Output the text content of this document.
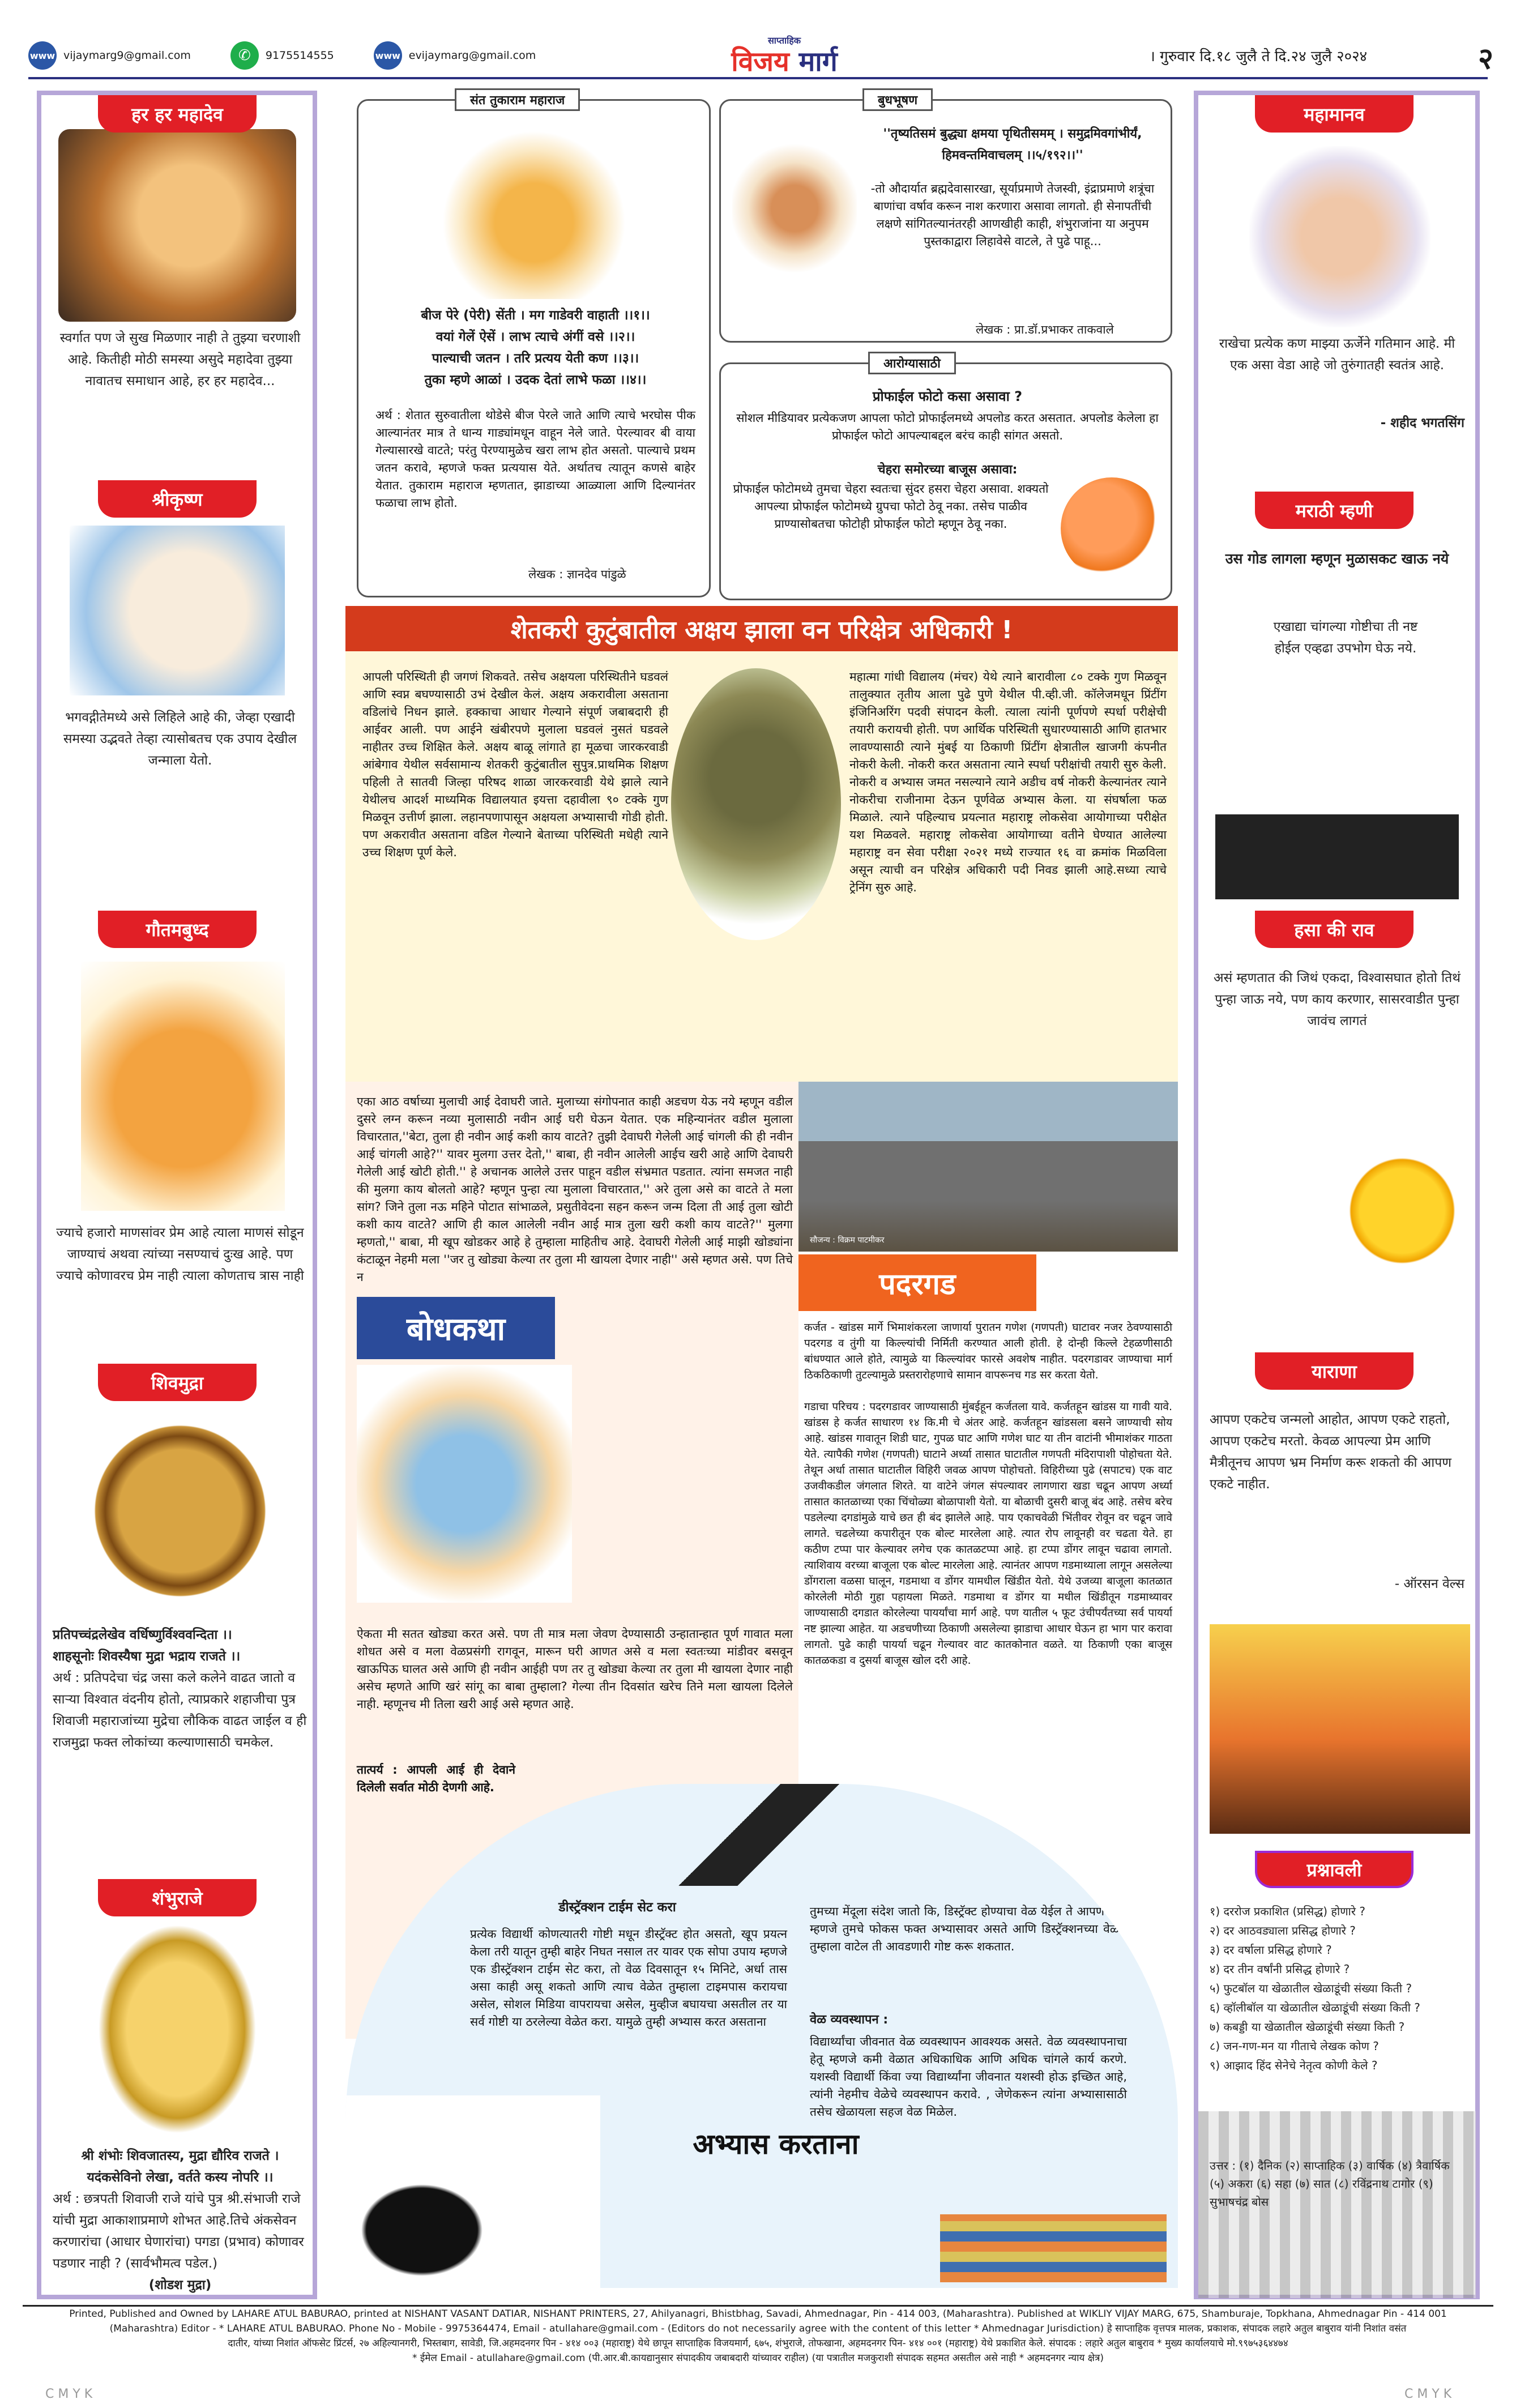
www vijaymarg9@gmail.com	✆	9175514555	www evijaymarg@gmail.com
साप्ताहिक
विजय मार्ग	। गुरुवार दि.१८ जुलै ते दि.२४ जुलै २०२४	२
हर हर महादेव
स्वर्गात पण जे सुख मिळणार नाही ते तुझ्या चरणाशी आहे. कितीही मोठी समस्या असुदे महादेवा तुझ्या नावातच समाधान आहे, हर हर महादेव...
श्रीकृष्ण
भगवद्गीतेमध्ये असे लिहिले आहे की, जेव्हा एखादी समस्या उद्भवते तेव्हा त्यासोबतच एक उपाय देखील जन्माला येतो.
गौतमबुध्द
ज्याचे हजारो माणसांवर प्रेम आहे त्याला माणसं सोडून जाण्याचं अथवा त्यांच्या नसण्याचं दुःख आहे. पण ज्याचे कोणावरच प्रेम नाही त्याला कोणताच त्रास नाही
शिवमुद्रा
प्रतिपच्चंद्रलेखेव वर्धिष्णुर्विश्ववन्दिता ।।
शाहसूनोः शिवस्यैषा मुद्रा भद्राय राजते ।।
अर्थ : प्रतिपदेचा चंद्र जसा कले कलेने वाढत जातो व साऱ्या विश्वात वंदनीय होतो, त्याप्रकारे शहाजीचा पुत्र शिवाजी महाराजांच्या मुद्रेचा लौकिक वाढत जाईल व ही राजमुद्रा फक्त लोकांच्या कल्याणासाठी चमकेल.
शंभुराजे
श्री शंभोः शिवजातस्य, मुद्रा द्यौरिव राजते । यदंकसेविनो लेखा, वर्तते कस्य नोपरि ।।
अर्थ : छत्रपती शिवाजी राजे यांचे पुत्र श्री.संभाजी राजे यांची मुद्रा आकाशाप्रमाणे शोभत आहे.तिचे अंकसेवन करणारांचा (आधार घेणारांचा) पगडा (प्रभाव) कोणावर पडणार नाही ? (सार्वभौमत्व पडेल.)
(शोडश मुद्रा)
महामानव
राखेचा प्रत्येक कण माझ्या ऊर्जेने गतिमान आहे. मी एक असा वेडा आहे जो तुरुंगातही स्वतंत्र आहे.
- शहीद भगतसिंग
मराठी म्हणी
उस गोड लागला म्हणून मुळासकट खाऊ नये
एखाद्या चांगल्या गोष्टीचा ती नष्ट होईल एव्हढा उपभोग घेऊ नये.
हसा की राव
असं म्हणतात की जिथं एकदा, विश्वासघात होतो तिथं पुन्हा जाऊ नये, पण काय करणार, सासरवाडीत पुन्हा जावंच लागतं
याराणा
आपण एकटेच जन्मलो आहोत, आपण एकटे राहतो, आपण एकटेच मरतो. केवळ आपल्या प्रेम आणि मैत्रीतूनच आपण भ्रम निर्माण करू शकतो की आपण एकटे नाहीत.
- ऑरसन वेल्स
प्रश्नावली
१) दररोज प्रकाशित (प्रसिद्ध) होणारे ?
२) दर आठवड्याला प्रसिद्ध होणारे ?
३) दर वर्षाला प्रसिद्ध होणारे ?
४) दर तीन वर्षांनी प्रसिद्ध होणारे ?
५) फुटबॉल या खेळातील खेळाडूंची संख्या किती ?
६) व्हॉलीबॉल या खेळातील खेळाडूंची संख्या किती ?
७) कबड्डी या खेळातील खेळाडूंची संख्या किती ?
८) जन-गण-मन या गीताचे लेखक कोण ?
९) आझाद हिंद सेनेचे नेतृत्व कोणी केले ?
उत्तर : (१) दैनिक (२) साप्ताहिक (३) वार्षिक (४) त्रैवार्षिक (५) अकरा (६) सहा (७) सात (८) रविंद्रनाथ टागोर (९) सुभाषचंद्र बोस
संत तुकाराम महाराज
बीज पेरे (पेरी) सेंती । मग गाडेवरी वाहाती ।।१।।
वयां गेलें ऐसें । लाभ त्याचे अंगीं वसे ।।२।।
पाल्याची जतन । तरि प्रत्यय येती कण ।।३।।
तुका म्हणे आळां । उदक देतां लाभे फळा ।।४।।
अर्थ : शेतात सुरुवातीला थोडेसे बीज पेरले जाते आणि त्याचे भरघोस पीक आल्यानंतर मात्र ते धान्य गाड्यांमधून वाहून नेले जाते. पेरल्यावर बी वाया गेल्यासारखे वाटते; परंतु पेरण्यामुळेच खरा लाभ होत असतो. पाल्याचे प्रथम जतन करावे, म्हणजे फक्त प्रत्ययास येते. अर्थातच त्यातून कणसे बाहेर येतात. तुकाराम महाराज म्हणतात, झाडाच्या आळ्याला आणि दिल्यानंतर फळाचा लाभ होतो.
लेखक : ज्ञानदेव पांडुळे
बुधभूषण
''तृष्यतिसमं बुद्ध्या क्षमया पृथितीसमम् । समुद्रमिवगांभीर्यं, हिमवन्तमिवाचलम् ।।५/१९२।।''
-तो औदार्यात ब्रह्मदेवासारखा, सूर्याप्रमाणे तेजस्वी, इंद्राप्रमाणे शत्रूंचा बाणांचा वर्षाव करून नाश करणारा असावा लागतो. ही सेनापतींची लक्षणे सांगितल्यानंतरही आणखीही काही, शंभुराजांना या अनुपम पुस्तकाद्वारा लिहावेसे वाटले, ते पुढे पाहू...
लेखक : प्रा.डॉ.प्रभाकर ताकवाले
आरोग्यासाठी
प्रोफाईल फोटो कसा असावा ?
सोशल मीडियावर प्रत्येकजण आपला फोटो प्रोफाईलमध्ये अपलोड करत असतात. अपलोड केलेला हा प्रोफाईल फोटो आपल्याबद्दल बरंच काही सांगत असतो.
चेहरा समोरच्या बाजूस असावा:
प्रोफाईल फोटोमध्ये तुमचा चेहरा स्वतःचा सुंदर हसरा चेहरा असावा. शक्यतो आपल्या प्रोफाईल फोटोमध्ये ग्रुपचा फोटो ठेवू नका. तसेच पाळीव प्राण्यासोबतचा फोटोही प्रोफाईल फोटो म्हणून ठेवू नका.
शेतकरी कुटुंबातील अक्षय झाला वन परिक्षेत्र अधिकारी !
आपली परिस्थिती ही जगणं शिकवते. तसेच अक्षयला परिस्थितीने घडवलं आणि स्वप्न बघण्यासाठी उभं देखील केलं. अक्षय अकरावीला असताना वडिलांचे निधन झाले. हक्काचा आधार गेल्याने संपूर्ण जबाबदारी ही आईवर आली. पण आईने खंबीरपणे मुलाला घडवलं नुसतं घडवले नाहीतर उच्च शिक्षित केले. अक्षय बाळू लांगाते हा मूळचा जारकरवाडी आंबेगाव येथील सर्वसामान्य शेतकरी कुटुंबातील सुपुत्र.प्राथमिक शिक्षण पहिली ते सातवी जिल्हा परिषद शाळा जारकरवाडी येथे झाले त्याने येथीलच आदर्श माध्यमिक विद्यालयात इयत्ता दहावीला ९० टक्के गुण मिळवून उत्तीर्ण झाला. लहानपणापासून अक्षयला अभ्यासाची गोडी होती. पण अकरावीत असताना वडिल गेल्याने बेताच्या परिस्थिती मधेही त्याने उच्च शिक्षण पूर्ण केले.
महात्मा गांधी विद्यालय (मंचर) येथे त्याने बारावीला ८० टक्के गुण मिळवून तालुक्यात तृतीय आला पुढे पुणे येथील पी.व्ही.जी. कॉलेजमधून प्रिंटींग इंजिनिअरिंग पदवी संपादन केली. त्याला त्यांनी पूर्णपणे स्पर्धा परीक्षेची तयारी करायची होती. पण आर्थिक परिस्थिती सुधारण्यासाठी आणि हातभार लावण्यासाठी त्याने मुंबई या ठिकाणी प्रिंटींग क्षेत्रातील खाजगी कंपनीत नोकरी केली. नोकरी करत असताना त्याने स्पर्धा परीक्षांची तयारी सुरु केली. नोकरी व अभ्यास जमत नसल्याने त्याने अडीच वर्ष नोकरी केल्यानंतर त्याने नोकरीचा राजीनामा देऊन पूर्णवेळ अभ्यास केला. या संघर्षाला फळ मिळाले. त्याने पहिल्याच प्रयत्नात महाराष्ट्र लोकसेवा आयोगाच्या परीक्षेत यश मिळवले. महाराष्ट्र लोकसेवा आयोगाच्या वतीने घेण्यात आलेल्या महाराष्ट्र वन सेवा परीक्षा २०२१ मध्ये राज्यात १६ वा क्रमांक मिळविला असून त्याची वन परिक्षेत्र अधिकारी पदी निवड झाली आहे.सध्या त्याचे ट्रेनिंग सुरु आहे.
एका आठ वर्षाच्या मुलाची आई देवाघरी जाते. मुलाच्या संगोपनात काही अडचण येऊ नये म्हणून वडील दुसरे लग्न करून नव्या मुलासाठी नवीन आई घरी घेऊन येतात. एक महिन्यानंतर वडील मुलाला विचारतात,''बेटा, तुला ही नवीन आई कशी काय वाटते? तुझी देवाघरी गेलेली आई चांगली की ही नवीन आई चांगली आहे?'' यावर मुलगा उत्तर देतो,'' बाबा, ही नवीन आलेली आईच खरी आहे आणि देवाघरी गेलेली आई खोटी होती.'' हे अचानक आलेले उत्तर पाहून वडील संभ्रमात पडतात. त्यांना समजत नाही की मुलगा काय बोलतो आहे? म्हणून पुन्हा त्या मुलाला विचारतात,'' अरे तुला असे का वाटते ते मला सांग? जिने तुला नऊ महिने पोटात सांभाळले, प्रसुतीवेदना सहन करून जन्म दिला ती आई तुला खोटी कशी काय वाटते? आणि ही काल आलेली नवीन आई मात्र तुला खरी कशी काय वाटते?'' मुलगा म्हणतो,'' बाबा, मी खूप खोडकर आहे हे तुम्हाला माहितीच आहे. देवाघरी गेलेली आई माझी खोड्यांना कंटाळून नेहमी मला ''जर तु खोड्या केल्या तर तुला मी खायला देणार नाही'' असे म्हणत असे. पण तिचे न
बोधकथा
ऐकता मी सतत खोड्या करत असे. पण ती मात्र मला जेवण देण्यासाठी उन्हातान्हात पूर्ण गावात मला शोधत असे व मला वेळप्रसंगी रागवून, मारून घरी आणत असे व मला स्वतःच्या मांडीवर बसवून खाऊपिऊ घालत असे आणि ही नवीन आईही पण तर तु खोड्या केल्या तर तुला मी खायला देणार नाही असेच म्हणते आणि खरं सांगू का बाबा तुम्हाला? गेल्या तीन दिवसांत खरेच तिने मला खायला दिलेले नाही. म्हणूनच मी तिला खरी आई असे म्हणत आहे.
तात्पर्य : आपली आई ही देवाने दिलेली सर्वात मोठी देणगी आहे.
सौजन्य : विक्रम पाटमीकर
पदरगड
कर्जत - खांडस मार्गे भिमाशंकरला जाणार्या पुरातन गणेश (गणपती) घाटावर नजर ठेवण्यासाठी पदरगड व तुंगी या किल्ल्यांची निर्मिती करण्यात आली होती. हे दोन्ही किल्ले टेहळणीसाठी बांधण्यात आले होते, त्यामुळे या किल्ल्यांवर फारसे अवशेष नाहीत. पदरगडावर जाण्याचा मार्ग ठिकठिकाणी तुटल्यामुळे प्रस्तरारोहणाचे सामान वापरूनच गड सर करता येतो.
गडाचा परिचय : पदरगडावर जाण्यासाठी मुंबईहून कर्जतला यावे. कर्जतहून खांडस या गावी यावे. खांडस हे कर्जत साधारण १४ कि.मी चे अंतर आहे. कर्जतहून खांडसला बसने जाण्याची सोय आहे. खांडस गावातून शिडी घाट, गुपळ घाट आणि गणेश घाट या तीन वाटांनी भीमाशंकर गाठता येते. त्यापैकी गणेश (गणपती) घाटाने अर्ध्या तासात घाटातील गणपती मंदिरापाशी पोहोचता येते. तेथून अर्धा तासात घाटातील विहिरी जवळ आपण पोहोचतो. विहिरीच्या पुढे (सपाटच) एक वाट उजवीकडील जंगलात शिरते. या वाटेने जंगल संपल्यावर लागणारा खडा चढून आपण अर्ध्या तासात कातळाच्या एका चिंचोळ्या बोळापाशी येतो. या बोळाची दुसरी बाजू बंद आहे. तसेच बरेच पडलेल्या दगडांमुळे याचे छत ही बंद झालेले आहे. पाय एकाचवेळी भिंतीवर रोवून वर चढून जावे लागते. चढलेच्या कपारीतून एक बोल्ट मारलेला आहे. त्यात रोप लावूनही वर चढता येते. हा कठीण टप्पा पार केल्यावर लगेच एक कातळटप्पा आहे. हा टप्पा डोंगर लावून चढावा लागतो. त्याशिवाय वरच्या बाजूला एक बोल्ट मारलेला आहे. त्यानंतर आपण गडमाथ्याला लागून असलेल्या डोंगराला वळसा घालून, गडमाथा व डोंगर यामधील खिंडीत येतो. येथे उजव्या बाजूला कातळात कोरलेली मोठी गुहा पहायला मिळते. गडमाथा व डोंगर या मधील खिंडीतून गडमाथ्यावर जाण्यासाठी दगडात कोरलेल्या पायर्यांचा मार्ग आहे. पण यातील ५ फूट उंचीपर्यंतच्या सर्व पायर्या नष्ट झाल्या आहेत. या अडचणीच्या ठिकाणी असलेल्या झाडाचा आधार घेऊन हा भाग पार करावा लागतो. पुढे काही पायर्या चढून गेल्यावर वाट कातकोनात वळते. या ठिकाणी एका बाजूस कातळकडा व दुसर्या बाजूस खोल दरी आहे.
डीस्ट्रॅक्शन टाईम सेट करा
प्रत्येक विद्यार्थी कोणत्यातरी गोष्टी मधून डीस्ट्रॅक्ट होत असतो, खूप प्रयत्न केला तरी यातून तुम्ही बाहेर निघत नसाल तर यावर एक सोपा उपाय म्हणजे एक डीस्ट्रॅक्शन टाईम सेट करा, तो वेळ दिवसातून १५ मिनिटे, अर्धा तास असा काही असू शकतो आणि त्याच वेळेत तुम्हाला टाइमपास करायचा असेल, सोशल मिडिया वापरायचा असेल, मुव्हीज बघायचा असतील तर या सर्व गोष्टी या ठरलेल्या वेळेत करा. यामुळे तुम्ही अभ्यास करत असताना
अभ्यास करताना
तुमच्या मेंदूला संदेश जातो कि, डिस्ट्रॅक्ट होण्याचा वेळ येईल ते आपण करू म्हणजे तुमचे फोकस फक्त अभ्यासावर असते आणि डिस्ट्रॅक्शनच्या वेळेस तुम्हाला वाटेल ती आवडणारी गोष्ट करू शकतात.
वेळ व्यवस्थापन :
विद्यार्थ्यांचा जीवनात वेळ व्यवस्थापन आवश्यक असते. वेळ व्यवस्थापनाचा हेतू म्हणजे कमी वेळात अधिकाधिक आणि अधिक चांगले कार्य करणे. यशस्वी विद्यार्थी किंवा ज्या विद्यार्थ्यांना जीवनात यशस्वी होऊ इच्छित आहे, त्यांनी नेहमीच वेळेचे व्यवस्थापन करावे. , जेणेकरून त्यांना अभ्यासासाठी तसेच खेळायला सहज वेळ मिळेल.
Printed, Published and Owned by LAHARE ATUL BABURAO, printed at NISHANT VASANT DATIAR, NISHANT PRINTERS, 27, Ahilyanagri, Bhistbhag, Savadi, Ahmednagar, Pin - 414 003, (Maharashtra). Published at WIKLIY VIJAY MARG, 675, Shamburaje, Topkhana, Ahmednagar Pin - 414 001
(Maharashtra) Editor - * LAHARE ATUL BABURAO. Phone No - Mobile - 9975364474, Email - atullahare@gmail.com - (Editors do not necessarily agree with the content of this letter * Ahmednagar Jurisdiction) हे साप्ताहिक वृत्तपत्र मालक, प्रकाशक, संपादक लहारे अतुल बाबुराव यांनी निशांत वसंत
दातीर, यांच्या निशांत ऑफसेट प्रिंटर्स, २७ अहिल्यानगरी, भिस्तबाग, सावेडी, जि.अहमदनगर पिन - ४१४ ००३ (महाराष्ट्र) येथे छापून साप्ताहिक विजयमार्ग, ६७५, शंभुराजे, तोफखाना, अहमदनगर पिन- ४१४ ००१ (महाराष्ट्र) येथे प्रकाशित केले. संपादक : लहारे अतुल बाबुराव * मुख्य कार्यालयाचे मो.९९७५३६४४७४
* ईमेल Email - atullahare@gmail.com (पी.आर.बी.कायद्यानुसार संपादकीय जबाबदारी यांच्यावर राहील) (या पत्रातील मजकुराशी संपादक सहमत असतील असे नाही * अहमदनगर न्याय क्षेत्र)
C M Y K	C M Y K
